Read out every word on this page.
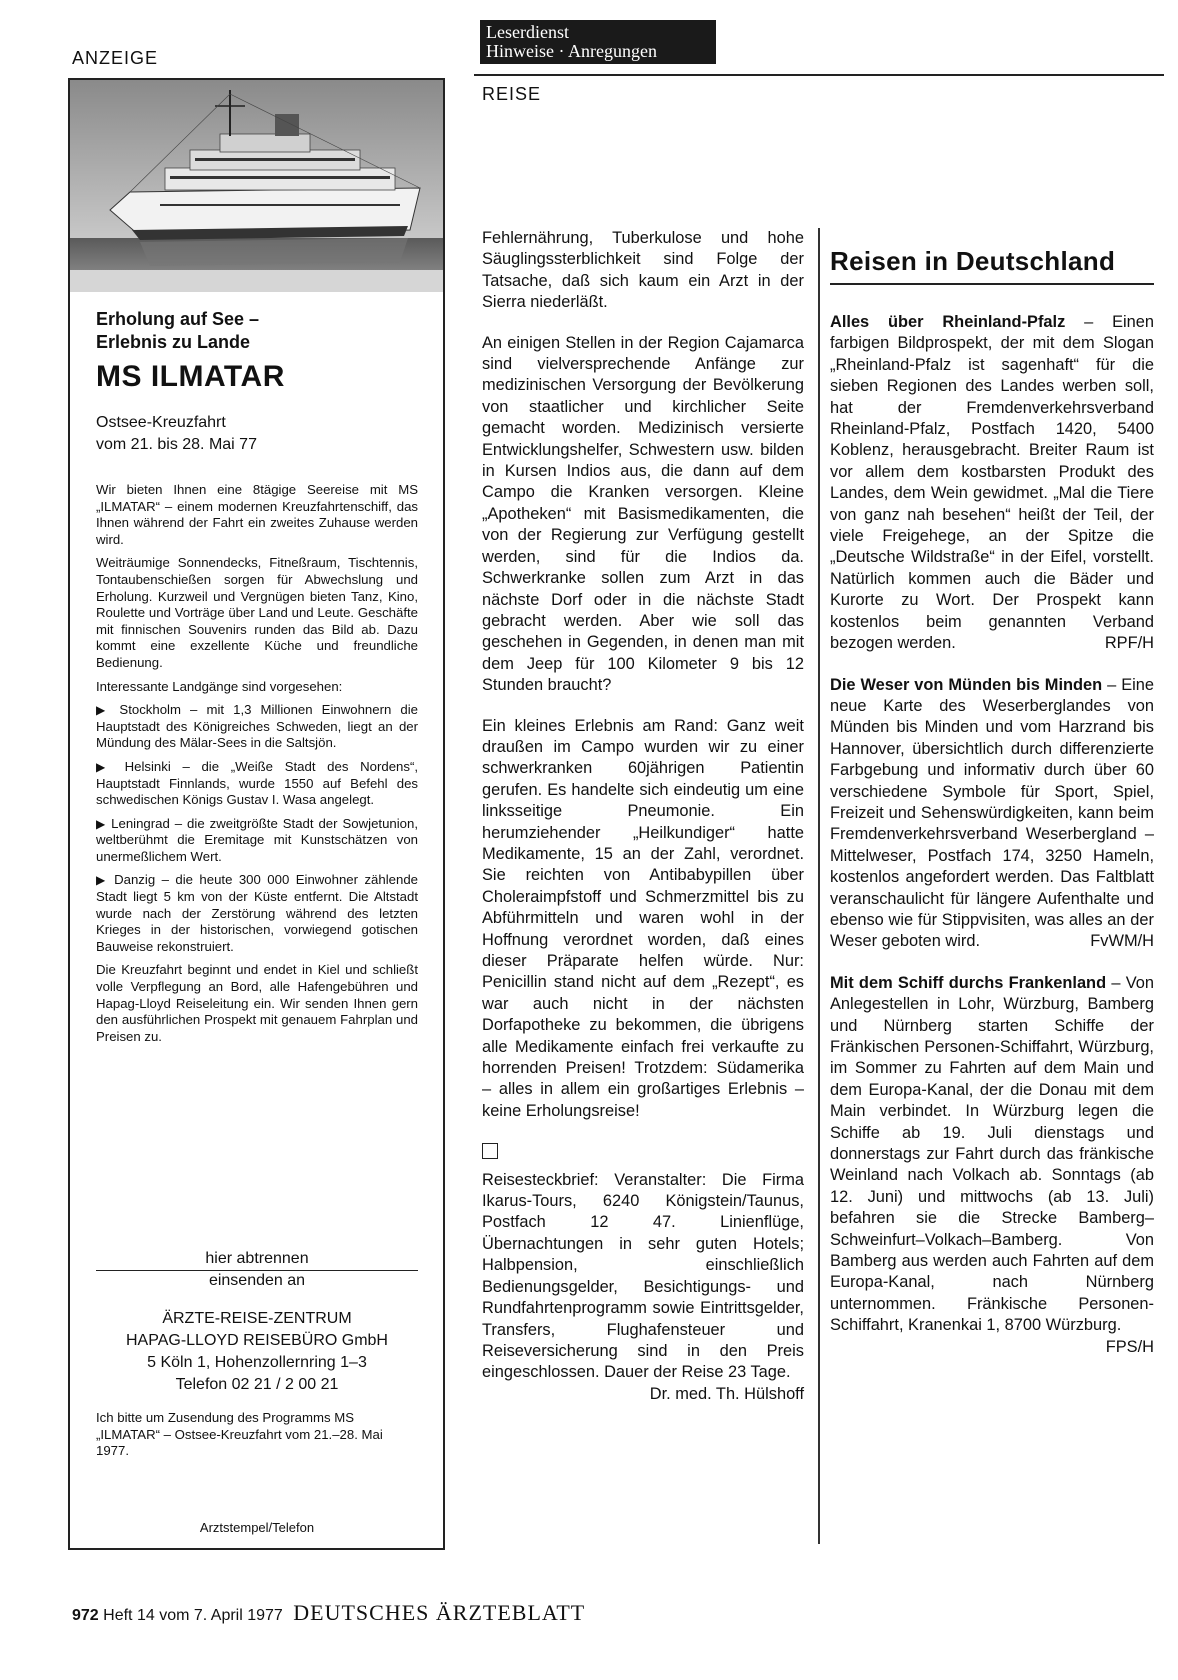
ANZEIGE
Leserdienst
Hinweise · Anregungen
REISE
Erholung auf See –
Erlebnis zu Lande
MS ILMATAR
Ostsee-Kreuzfahrt
vom 21. bis 28. Mai 77

Wir bieten Ihnen eine 8tägige Seereise mit MS „ILMATAR“ – einem modernen Kreuzfahrtenschiff, das Ihnen während der Fahrt ein zweites Zuhause werden wird.

Weiträumige Sonnendecks, Fitneßraum, Tischtennis, Tontaubenschießen sorgen für Abwechslung und Erholung. Kurzweil und Vergnügen bieten Tanz, Kino, Roulette und Vorträge über Land und Leute. Geschäfte mit finnischen Souvenirs runden das Bild ab. Dazu kommt eine exzellente Küche und freundliche Bedienung.

Interessante Landgänge sind vorgesehen:

▶ Stockholm – mit 1,3 Millionen Einwohnern die Hauptstadt des Königreiches Schweden, liegt an der Mündung des Mälar-Sees in die Saltsjön.

▶ Helsinki – die „Weiße Stadt des Nordens“, Hauptstadt Finnlands, wurde 1550 auf Befehl des schwedischen Königs Gustav I. Wasa angelegt.

▶ Leningrad – die zweitgrößte Stadt der Sowjetunion, weltberühmt die Eremitage mit Kunstschätzen von unermeßlichem Wert.

▶ Danzig – die heute 300 000 Einwohner zählende Stadt liegt 5 km von der Küste entfernt. Die Altstadt wurde nach der Zerstörung während des letzten Krieges in der historischen, vorwiegend gotischen Bauweise rekonstruiert.

Die Kreuzfahrt beginnt und endet in Kiel und schließt volle Verpflegung an Bord, alle Hafengebühren und Hapag-Lloyd Reiseleitung ein. Wir senden Ihnen gern den ausführlichen Prospekt mit genauem Fahrplan und Preisen zu.

hier abtrennen
einsenden an
ÄRZTE-REISE-ZENTRUM
HAPAG-LLOYD REISEBÜRO GmbH
5 Köln 1, Hohenzollernring 1–3
Telefon 02 21 / 2 00 21
Ich bitte um Zusendung des Programms MS „ILMATAR“ – Ostsee-Kreuzfahrt vom 21.–28. Mai 1977.
Arztstempel/Telefon

Fehlernährung, Tuberkulose und hohe Säuglingssterblichkeit sind Folge der Tatsache, daß sich kaum ein Arzt in der Sierra niederläßt.

An einigen Stellen in der Region Cajamarca sind vielversprechende Anfänge zur medizinischen Versorgung der Bevölkerung von staatlicher und kirchlicher Seite gemacht worden. Medizinisch versierte Entwicklungshelfer, Schwestern usw. bilden in Kursen Indios aus, die dann auf dem Campo die Kranken versorgen. Kleine „Apotheken“ mit Basismedikamenten, die von der Regierung zur Verfügung gestellt werden, sind für die Indios da. Schwerkranke sollen zum Arzt in das nächste Dorf oder in die nächste Stadt gebracht werden. Aber wie soll das geschehen in Gegenden, in denen man mit dem Jeep für 100 Kilometer 9 bis 12 Stunden braucht?

Ein kleines Erlebnis am Rand: Ganz weit draußen im Campo wurden wir zu einer schwerkranken 60jährigen Patientin gerufen. Es handelte sich eindeutig um eine linksseitige Pneumonie. Ein herumziehender „Heilkundiger“ hatte Medikamente, 15 an der Zahl, verordnet. Sie reichten von Antibabypillen über Choleraimpfstoff und Schmerzmittel bis zu Abführmitteln und waren wohl in der Hoffnung verordnet worden, daß eines dieser Präparate helfen würde. Nur: Penicillin stand nicht auf dem „Rezept“, es war auch nicht in der nächsten Dorfapotheke zu bekommen, die übrigens alle Medikamente einfach frei verkaufte zu horrenden Preisen! Trotzdem: Südamerika – alles in allem ein großartiges Erlebnis – keine Erholungsreise!

Reisesteckbrief: Veranstalter: Die Firma Ikarus-Tours, 6240 Königstein/Taunus, Postfach 12 47. Linienflüge, Übernachtungen in sehr guten Hotels; Halbpension, einschließlich Bedienungsgelder, Besichtigungs- und Rundfahrtenprogramm sowie Eintrittsgelder, Transfers, Flughafensteuer und Reiseversicherung sind in den Preis eingeschlossen. Dauer der Reise 23 Tage.
Dr. med. Th. Hülshoff

Reisen in Deutschland

Alles über Rheinland-Pfalz – Einen farbigen Bildprospekt, der mit dem Slogan „Rheinland-Pfalz ist sagenhaft“ für die sieben Regionen des Landes werben soll, hat der Fremdenverkehrsverband Rheinland-Pfalz, Postfach 1420, 5400 Koblenz, herausgebracht. Breiter Raum ist vor allem dem kostbarsten Produkt des Landes, dem Wein gewidmet. „Mal die Tiere von ganz nah besehen“ heißt der Teil, der viele Freigehege, an der Spitze die „Deutsche Wildstraße“ in der Eifel, vorstellt. Natürlich kommen auch die Bäder und Kurorte zu Wort. Der Prospekt kann kostenlos beim genannten Verband bezogen werden.	RPF/H

Die Weser von Münden bis Minden – Eine neue Karte des Weserberglandes von Münden bis Minden und vom Harzrand bis Hannover, übersichtlich durch differenzierte Farbgebung und informativ durch über 60 verschiedene Symbole für Sport, Spiel, Freizeit und Sehenswürdigkeiten, kann beim Fremdenverkehrsverband Weserbergland – Mittelweser, Postfach 174, 3250 Hameln, kostenlos angefordert werden. Das Faltblatt veranschaulicht für längere Aufenthalte und ebenso wie für Stippvisiten, was alles an der Weser geboten wird.	FvWM/H

Mit dem Schiff durchs Frankenland – Von Anlegestellen in Lohr, Würzburg, Bamberg und Nürnberg starten Schiffe der Fränkischen Personen-Schiffahrt, Würzburg, im Sommer zu Fahrten auf dem Main und dem Europa-Kanal, der die Donau mit dem Main verbindet. In Würzburg legen die Schiffe ab 19. Juli dienstags und donnerstags zur Fahrt durch das fränkische Weinland nach Volkach ab. Sonntags (ab 12. Juni) und mittwochs (ab 13. Juli) befahren sie die Strecke Bamberg–Schweinfurt–Volkach–Bamberg. Von Bamberg aus werden auch Fahrten auf dem Europa-Kanal, nach Nürnberg unternommen. Fränkische Personen-Schiffahrt, Kranenkai 1, 8700 Würzburg.
FPS/H

972 Heft 14 vom 7. April 1977 DEUTSCHES ÄRZTEBLATT
